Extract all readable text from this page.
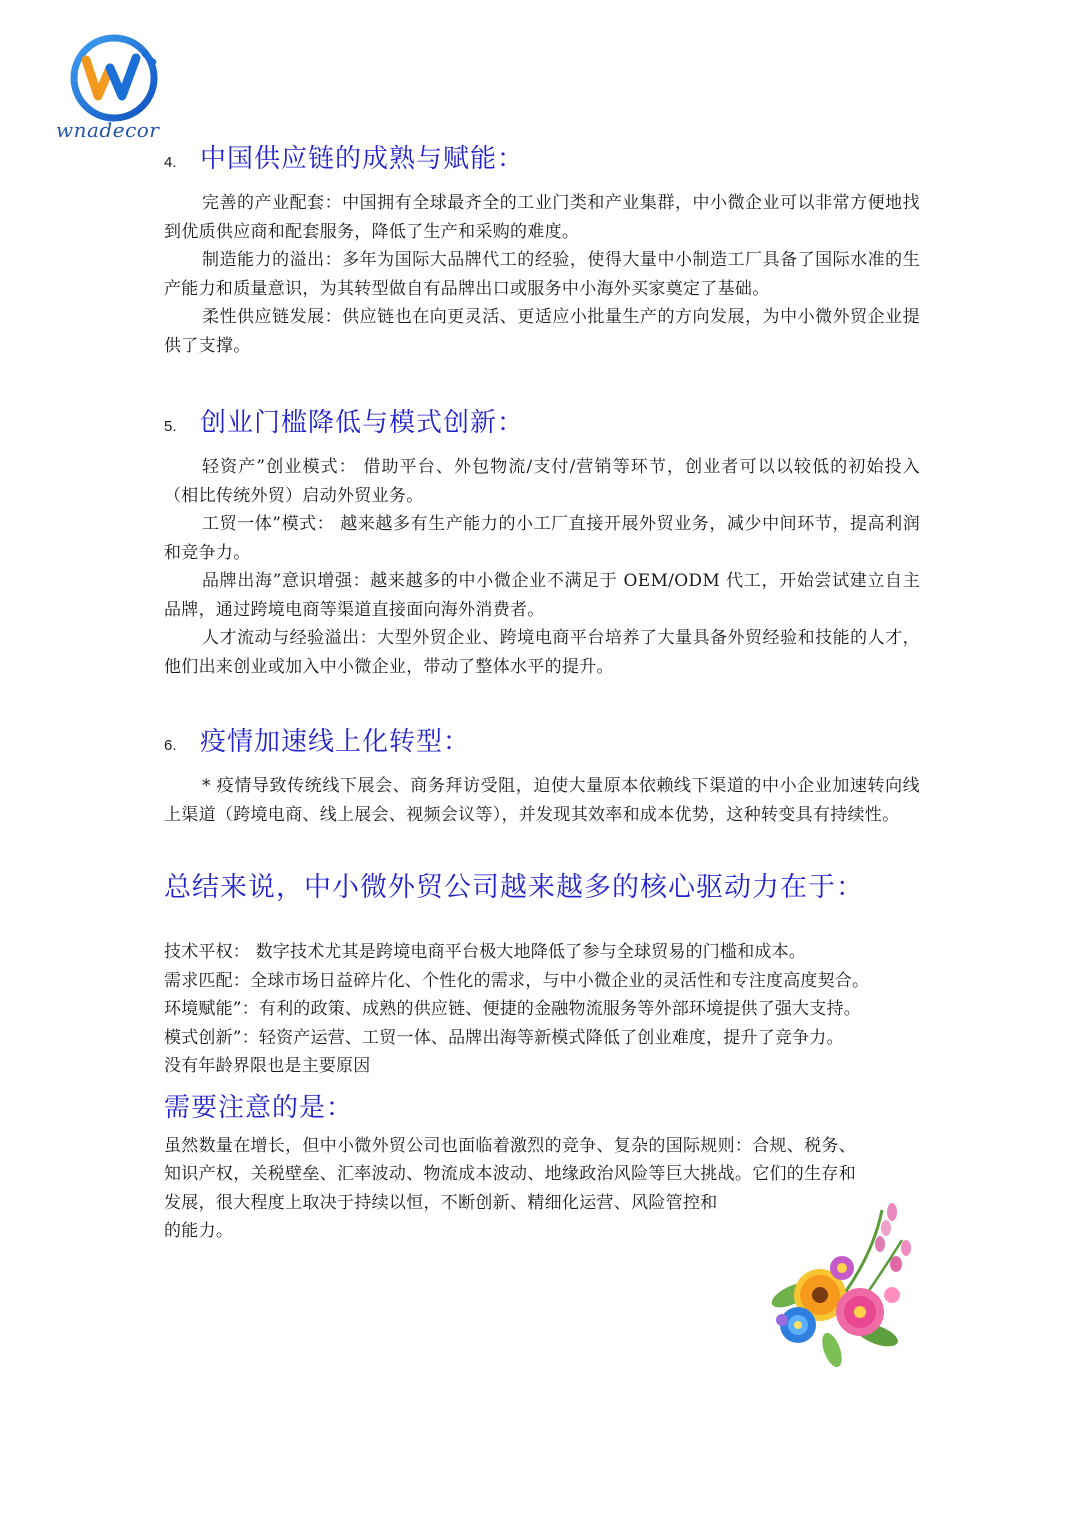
wnadecor
4. 中国供应链的成熟与赋能：

完善的产业配套：中国拥有全球最齐全的工业门类和产业集群，中小微企业可以非常方便地找到优质供应商和配套服务，降低了生产和采购的难度。

制造能力的溢出：多年为国际大品牌代工的经验，使得大量中小制造工厂具备了国际水准的生产能力和质量意识，为其转型做自有品牌出口或服务中小海外买家奠定了基础。

柔性供应链发展：供应链也在向更灵活、更适应小批量生产的方向发展，为中小微外贸企业提供了支撑。

5. 创业门槛降低与模式创新：

轻资产”创业模式： 借助平台、外包物流/支付/营销等环节，创业者可以以较低的初始投入（相比传统外贸）启动外贸业务。

工贸一体”模式： 越来越多有生产能力的小工厂直接开展外贸业务，减少中间环节，提高利润和竞争力。

品牌出海”意识增强：越来越多的中小微企业不满足于 OEM/ODM 代工，开始尝试建立自主品牌，通过跨境电商等渠道直接面向海外消费者。

人才流动与经验溢出：大型外贸企业、跨境电商平台培养了大量具备外贸经验和技能的人才，他们出来创业或加入中小微企业，带动了整体水平的提升。

6. 疫情加速线上化转型：

* 疫情导致传统线下展会、商务拜访受阻，迫使大量原本依赖线下渠道的中小企业加速转向线上渠道（跨境电商、线上展会、视频会议等），并发现其效率和成本优势，这种转变具有持续性。

总结来说，中小微外贸公司越来越多的核心驱动力在于：

技术平权： 数字技术尤其是跨境电商平台极大地降低了参与全球贸易的门槛和成本。

需求匹配：全球市场日益碎片化、个性化的需求，与中小微企业的灵活性和专注度高度契合。

环境赋能”：有利的政策、成熟的供应链、便捷的金融物流服务等外部环境提供了强大支持。

模式创新”：轻资产运营、工贸一体、品牌出海等新模式降低了创业难度，提升了竞争力。

没有年龄界限也是主要原因

需要注意的是：

虽然数量在增长，但中小微外贸公司也面临着激烈的竞争、复杂的国际规则：合规、税务、

知识产权，关税壁垒、汇率波动、物流成本波动、地缘政治风险等巨大挑战。它们的生存和

发展，很大程度上取决于持续以恒，不断创新、精细化运营、风险管控和

的能力。
